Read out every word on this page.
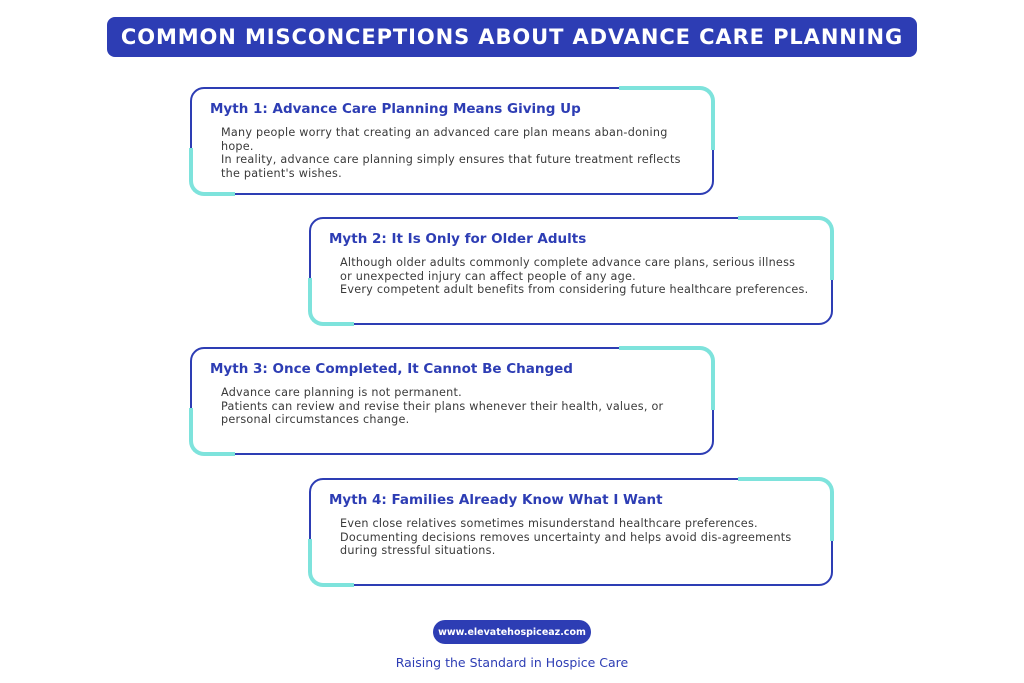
COMMON MISCONCEPTIONS ABOUT ADVANCE CARE PLANNING
Myth 1: Advance Care Planning Means Giving Up

Many people worry that creating an advanced care plan means aban-doning hope.

In reality, advance care planning simply ensures that future treatment reflects the patient's wishes.

Myth 2: It Is Only for Older Adults

Although older adults commonly complete advance care plans, serious illness or unexpected injury can affect people of any age.

Every competent adult benefits from considering future healthcare preferences.

Myth 3: Once Completed, It Cannot Be Changed

Advance care planning is not permanent.

Patients can review and revise their plans whenever their health, values, or personal circumstances change.

Myth 4: Families Already Know What I Want

Even close relatives sometimes misunderstand healthcare preferences.

Documenting decisions removes uncertainty and helps avoid dis-agreements during stressful situations.

www.elevatehospiceaz.com
Raising the Standard in Hospice Care
